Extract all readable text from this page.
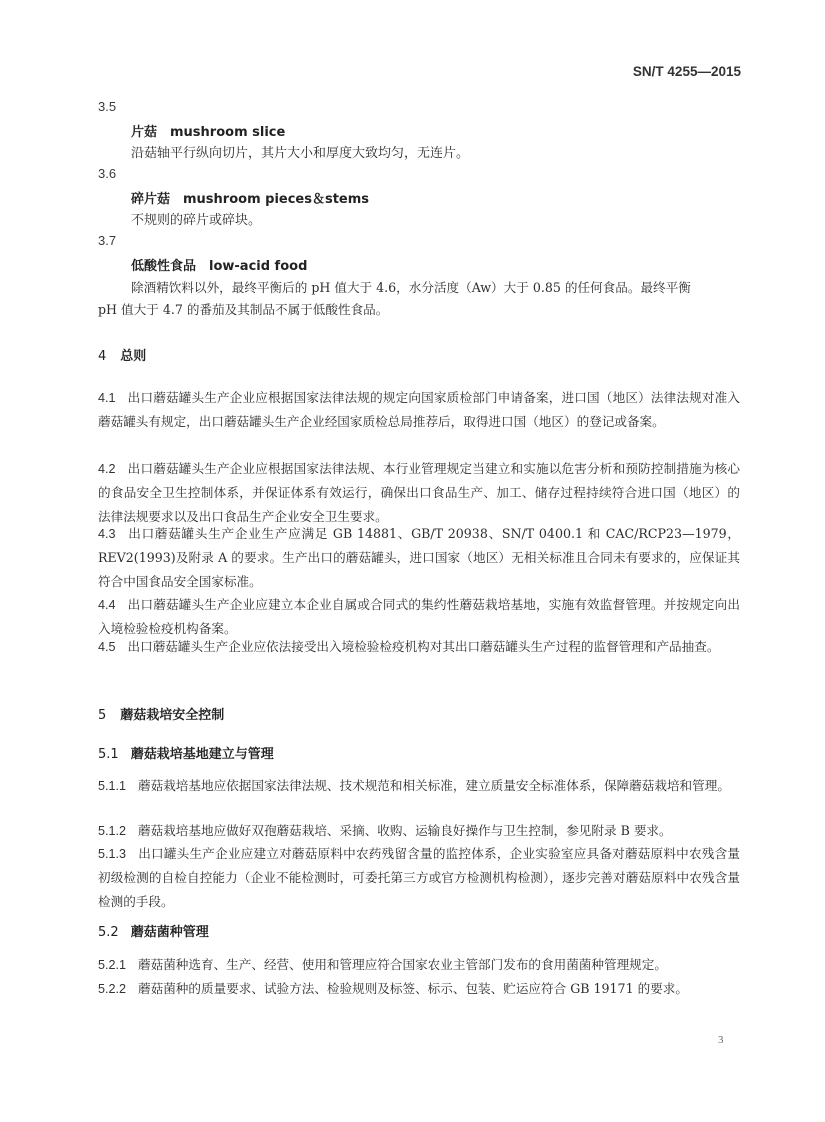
SN/T 4255—2015
3.5
片菇　mushroom slice
沿菇轴平行纵向切片，其片大小和厚度大致均匀，无连片。
3.6
碎片菇　mushroom pieces＆stems
不规则的碎片或碎块。
3.7
低酸性食品　low-acid food
除酒精饮料以外，最终平衡后的 pH 值大于 4.6，水分活度（Aw）大于 0.85 的任何食品。最终平衡
pH 值大于 4.7 的番茄及其制品不属于低酸性食品。
4 总则
4.1 出口蘑菇罐头生产企业应根据国家法律法规的规定向国家质检部门申请备案，进口国（地区）法律法规对准入蘑菇罐头有规定，出口蘑菇罐头生产企业经国家质检总局推荐后，取得进口国（地区）的登记或备案。
4.2 出口蘑菇罐头生产企业应根据国家法律法规、本行业管理规定当建立和实施以危害分析和预防控制措施为核心的食品安全卫生控制体系，并保证体系有效运行，确保出口食品生产、加工、储存过程持续符合进口国（地区）的法律法规要求以及出口食品生产企业安全卫生要求。
4.3 出口蘑菇罐头生产企业生产应满足 GB 14881、GB/T 20938、SN/T 0400.1 和 CAC/RCP23—1979，REV2(1993)及附录 A 的要求。生产出口的蘑菇罐头，进口国家（地区）无相关标准且合同未有要求的，应保证其符合中国食品安全国家标准。
4.4 出口蘑菇罐头生产企业应建立本企业自属或合同式的集约性蘑菇栽培基地，实施有效监督管理。并按规定向出入境检验检疫机构备案。
4.5 出口蘑菇罐头生产企业应依法接受出入境检验检疫机构对其出口蘑菇罐头生产过程的监督管理和产品抽查。
5 蘑菇栽培安全控制
5.1 蘑菇栽培基地建立与管理
5.1.1 蘑菇栽培基地应依据国家法律法规、技术规范和相关标准，建立质量安全标准体系，保障蘑菇栽培和管理。
5.1.2 蘑菇栽培基地应做好双孢蘑菇栽培、采摘、收购、运输良好操作与卫生控制，参见附录 B 要求。
5.1.3 出口罐头生产企业应建立对蘑菇原料中农药残留含量的监控体系，企业实验室应具备对蘑菇原料中农残含量初级检测的自检自控能力（企业不能检测时，可委托第三方或官方检测机构检测），逐步完善对蘑菇原料中农残含量检测的手段。
5.2 蘑菇菌种管理
5.2.1 蘑菇菌种选育、生产、经营、使用和管理应符合国家农业主管部门发布的食用菌菌种管理规定。
5.2.2 蘑菇菌种的质量要求、试验方法、检验规则及标签、标示、包装、贮运应符合 GB 19171 的要求。
3
